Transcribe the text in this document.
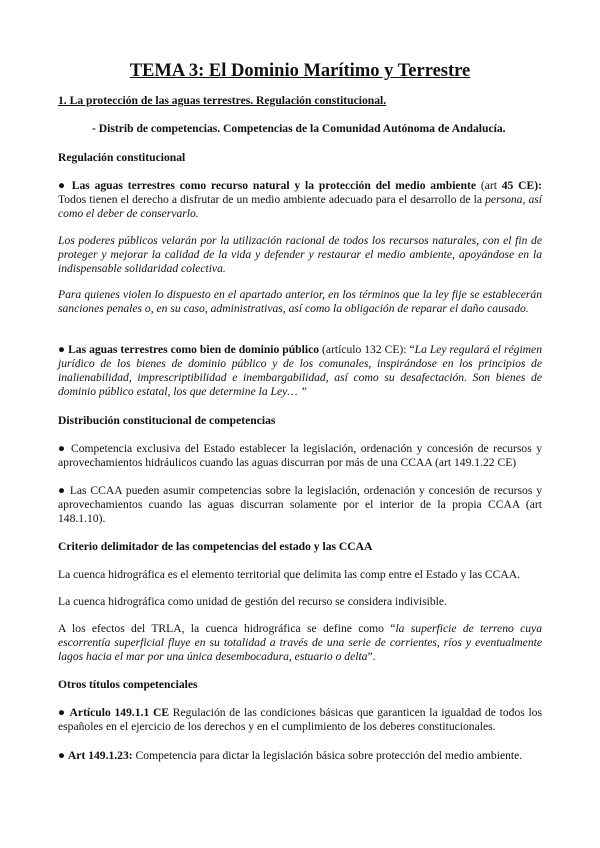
TEMA 3: El Dominio Marítimo y Terrestre

1. La protección de las aguas terrestres. Regulación constitucional.

- Distrib de competencias. Competencias de la Comunidad Autónoma de Andalucía.

Regulación constitucional

● Las aguas terrestres como recurso natural y la protección del medio ambiente (art 45 CE): Todos tienen el derecho a disfrutar de un medio ambiente adecuado para el desarrollo de la persona, así como el deber de conservarlo.

Los poderes públicos velarán por la utilización racional de todos los recursos naturales, con el fin de proteger y mejorar la calidad de la vida y defender y restaurar el medio ambiente, apoyándose en la indispensable solidaridad colectiva.

Para quienes violen lo dispuesto en el apartado anterior, en los términos que la ley fije se establecerán sanciones penales o, en su caso, administrativas, así como la obligación de reparar el daño causado.

● Las aguas terrestres como bien de dominio público (artículo 132 CE): “La Ley regulará el régimen jurídico de los bienes de dominio público y de los comunales, inspirándose en los principios de inalienabilidad, imprescriptibilidad e inembargabilidad, así como su desafectación. Son bienes de dominio público estatal, los que determine la Ley… ”

Distribución constitucional de competencias

● Competencia exclusiva del Estado establecer la legislación, ordenación y concesión de recursos y aprovechamientos hidráulicos cuando las aguas discurran por más de una CCAA (art 149.1.22 CE)

● Las CCAA pueden asumir competencias sobre la legislación, ordenación y concesión de recursos y aprovechamientos cuando las aguas discurran solamente por el interior de la propia CCAA (art 148.1.10).

Criterio delimitador de las competencias del estado y las CCAA

La cuenca hidrográfica es el elemento territorial que delimita las comp entre el Estado y las CCAA.

La cuenca hidrográfica como unidad de gestión del recurso se considera indivisible.

A los efectos del TRLA, la cuenca hidrográfica se define como “la superficie de terreno cuya escorrentía superficial fluye en su totalidad a través de una serie de corrientes, ríos y eventualmente lagos hacia el mar por una única desembocadura, estuario o delta”.

Otros títulos competenciales

● Artículo 149.1.1 CE Regulación de las condiciones básicas que garanticen la igualdad de todos los españoles en el ejercicio de los derechos y en el cumplimiento de los deberes constitucionales.

● Art 149.1.23: Competencia para dictar la legislación básica sobre protección del medio ambiente.
